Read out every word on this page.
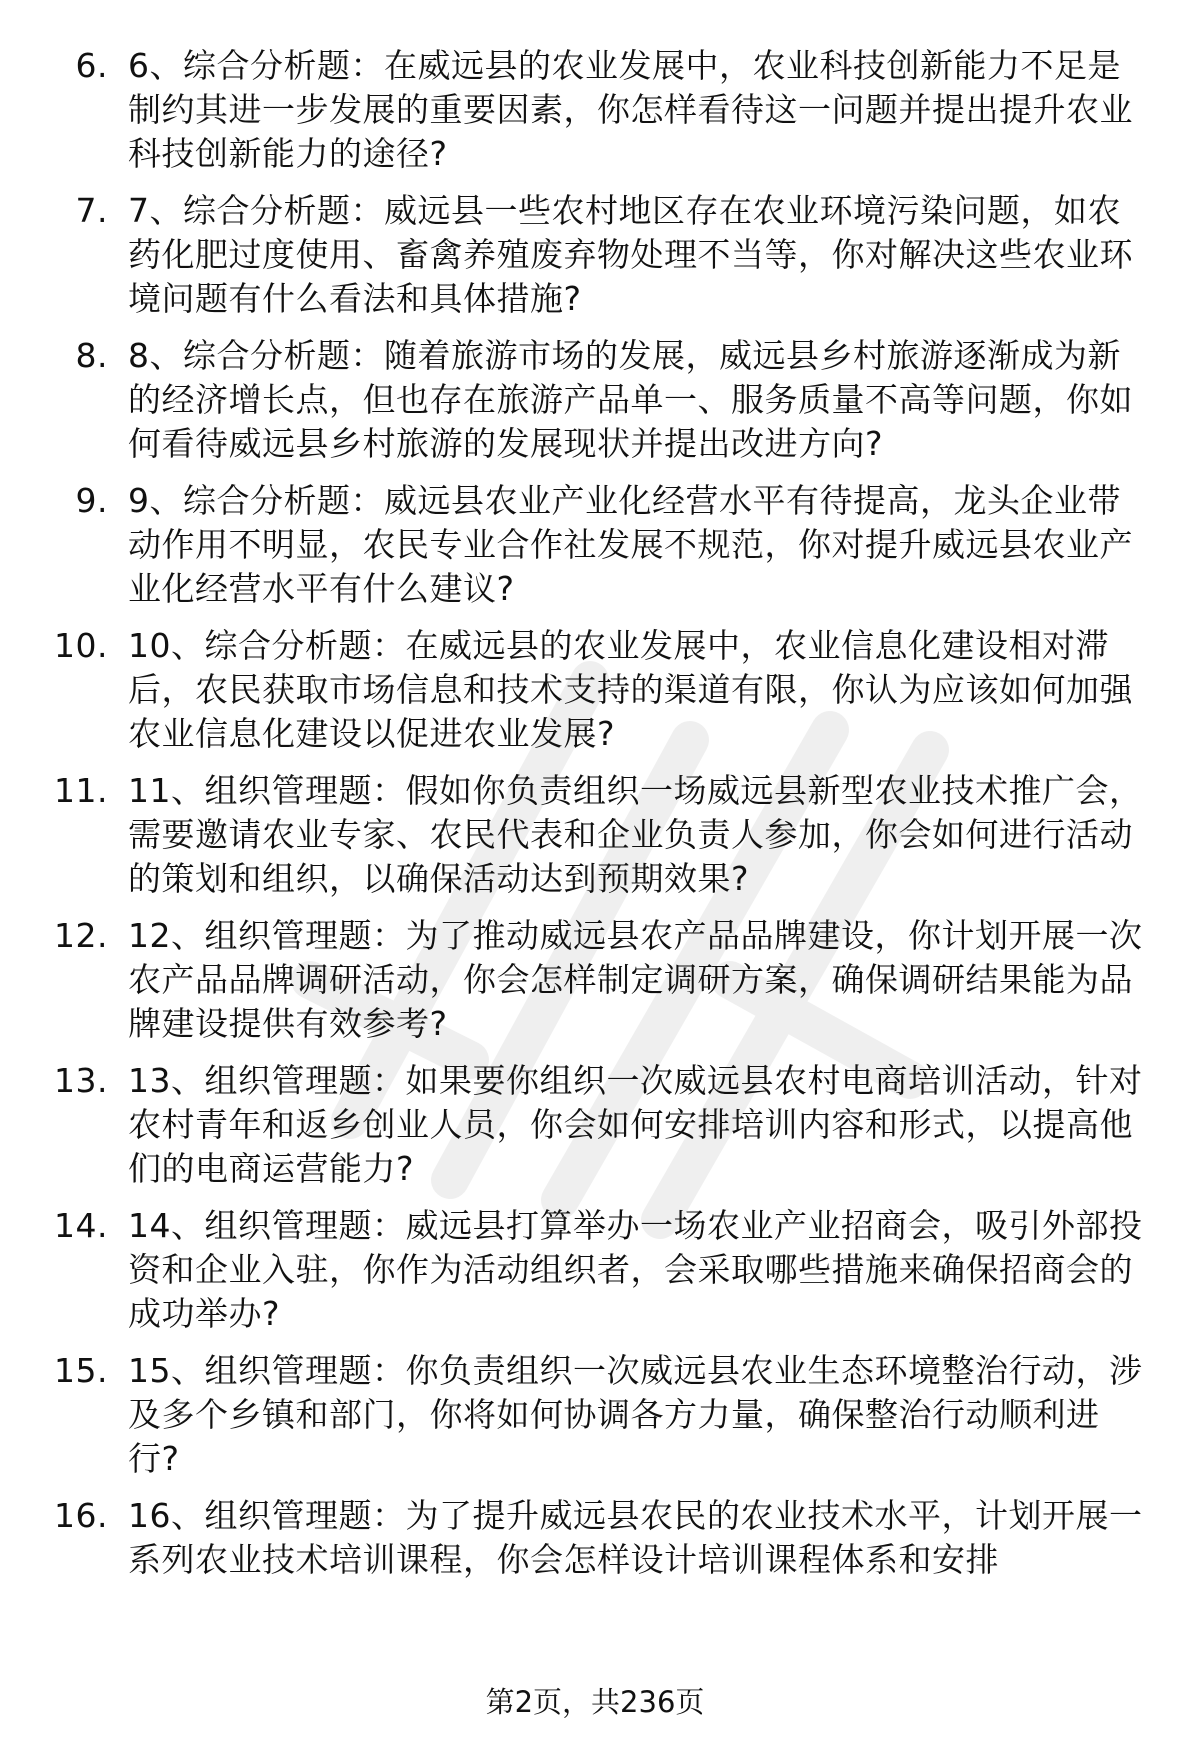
6. 6、综合分析题：在威远县的农业发展中，农业科技创新能力不足是制约其进一步发展的重要因素，你怎样看待这一问题并提出提升农业科技创新能力的途径?
7. 7、综合分析题：威远县一些农村地区存在农业环境污染问题，如农药化肥过度使用、畜禽养殖废弃物处理不当等，你对解决这些农业环境问题有什么看法和具体措施?
8. 8、综合分析题：随着旅游市场的发展，威远县乡村旅游逐渐成为新的经济增长点，但也存在旅游产品单一、服务质量不高等问题，你如何看待威远县乡村旅游的发展现状并提出改进方向?
9. 9、综合分析题：威远县农业产业化经营水平有待提高，龙头企业带动作用不明显，农民专业合作社发展不规范，你对提升威远县农业产业化经营水平有什么建议?
10. 10、综合分析题：在威远县的农业发展中，农业信息化建设相对滞后，农民获取市场信息和技术支持的渠道有限，你认为应该如何加强农业信息化建设以促进农业发展?
11. 11、组织管理题：假如你负责组织一场威远县新型农业技术推广会，需要邀请农业专家、农民代表和企业负责人参加，你会如何进行活动的策划和组织，以确保活动达到预期效果?
12. 12、组织管理题：为了推动威远县农产品品牌建设，你计划开展一次农产品品牌调研活动，你会怎样制定调研方案，确保调研结果能为品牌建设提供有效参考?
13. 13、组织管理题：如果要你组织一次威远县农村电商培训活动，针对农村青年和返乡创业人员，你会如何安排培训内容和形式，以提高他们的电商运营能力?
14. 14、组织管理题：威远县打算举办一场农业产业招商会，吸引外部投资和企业入驻，你作为活动组织者，会采取哪些措施来确保招商会的成功举办?
15. 15、组织管理题：你负责组织一次威远县农业生态环境整治行动，涉及多个乡镇和部门，你将如何协调各方力量，确保整治行动顺利进行?
16. 16、组织管理题：为了提升威远县农民的农业技术水平，计划开展一系列农业技术培训课程，你会怎样设计培训课程体系和安排
第2页，共236页
